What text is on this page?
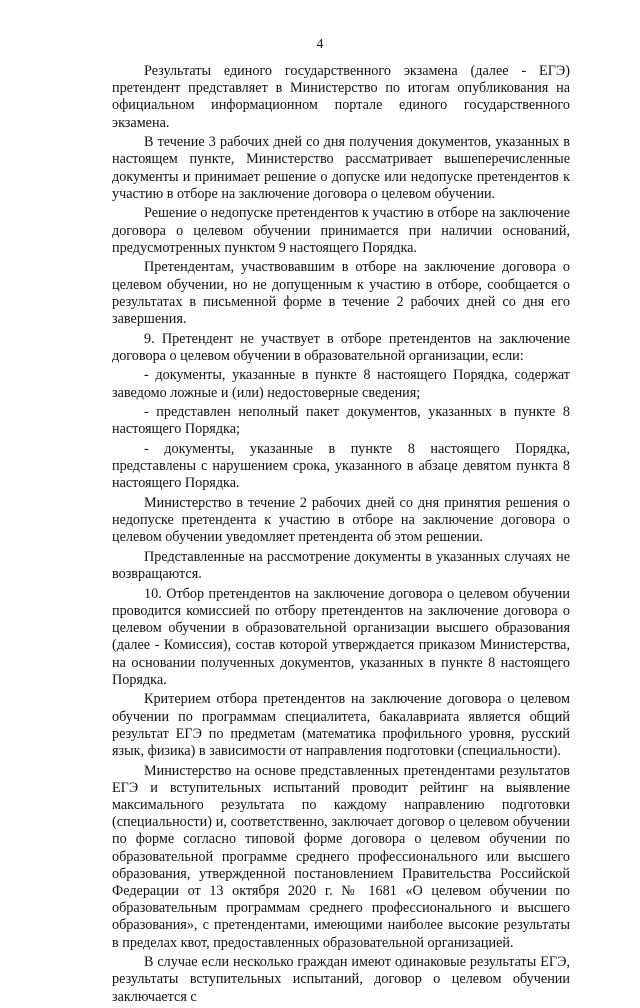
4

Результаты единого государственного экзамена (далее - ЕГЭ) претендент представляет в Министерство по итогам опубликования на официальном информационном портале единого государственного экзамена.

В течение 3 рабочих дней со дня получения документов, указанных в настоящем пункте, Министерство рассматривает вышеперечисленные документы и принимает решение о допуске или недопуске претендентов к участию в отборе на заключение договора о целевом обучении.

Решение о недопуске претендентов к участию в отборе на заключение договора о целевом обучении принимается при наличии оснований, предусмотренных пунктом 9 настоящего Порядка.

Претендентам, участвовавшим в отборе на заключение договора о целевом обучении, но не допущенным к участию в отборе, сообщается о результатах в письменной форме в течение 2 рабочих дней со дня его завершения.

9. Претендент не участвует в отборе претендентов на заключение договора о целевом обучении в образовательной организации, если:

- документы, указанные в пункте 8 настоящего Порядка, содержат заведомо ложные и (или) недостоверные сведения;

- представлен неполный пакет документов, указанных в пункте 8 настоящего Порядка;

- документы, указанные в пункте 8 настоящего Порядка, представлены с нарушением срока, указанного в абзаце девятом пункта 8 настоящего Порядка.

Министерство в течение 2 рабочих дней со дня принятия решения о недопуске претендента к участию в отборе на заключение договора о целевом обучении уведомляет претендента об этом решении.

Представленные на рассмотрение документы в указанных случаях не возвращаются.

10. Отбор претендентов на заключение договора о целевом обучении проводится комиссией по отбору претендентов на заключение договора о целевом обучении в образовательной организации высшего образования (далее - Комиссия), состав которой утверждается приказом Министерства, на основании полученных документов, указанных в пункте 8 настоящего Порядка.

Критерием отбора претендентов на заключение договора о целевом обучении по программам специалитета, бакалавриата является общий результат ЕГЭ по предметам (математика профильного уровня, русский язык, физика) в зависимости от направления подготовки (специальности).

Министерство на основе представленных претендентами результатов ЕГЭ и вступительных испытаний проводит рейтинг на выявление максимального результата по каждому направлению подготовки (специальности) и, соответственно, заключает договор о целевом обучении по форме согласно типовой форме договора о целевом обучении по образовательной программе среднего профессионального или высшего образования, утвержденной постановлением Правительства Российской Федерации от 13 октября 2020 г. № 1681 «О целевом обучении по образовательным программам среднего профессионального и высшего образования», с претендентами, имеющими наиболее высокие результаты в пределах квот, предоставленных образовательной организацией.

В случае если несколько граждан имеют одинаковые результаты ЕГЭ, результаты вступительных испытаний, договор о целевом обучении заключается с
